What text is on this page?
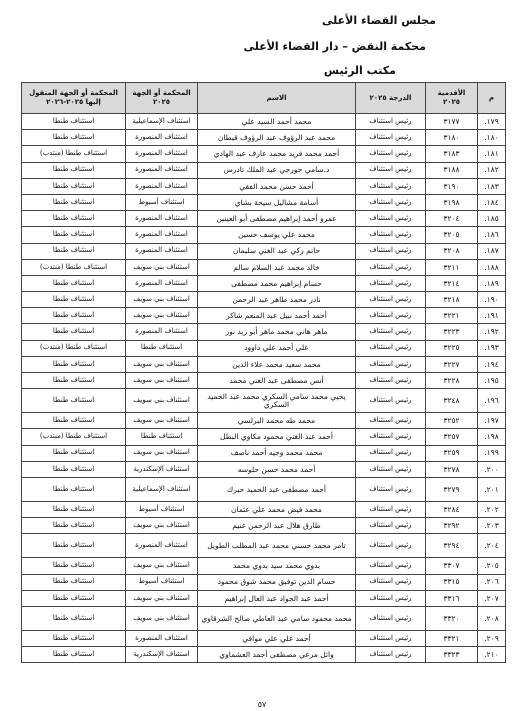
مجلس القضاء الأعلى
محكمة النقض – دار القضاء الأعلى
مكتب الرئيس
م	الأقدمية ٢٠٢٥	الدرجة ٢٠٢٥	الاسم	المحكمة أو الجهة ٢٠٢٥	المحكمة أو الجهة المنقول إليها ٢٠٢٥-٢٠٢٦
١٧٩.	٣١٧٧	رئيس استئناف	محمد أحمد السيد علي	استئناف الإسماعيلية	استئناف طنطا
١٨٠.	٣١٨٠	رئيس استئناف	محمد عبد الرؤوف عبد الرؤوف قيطان	استئناف المنصورة	استئناف طنطا
١٨١.	٣١٨٣	رئيس استئناف	أحمد محمد فريد محمد عارف عبد الهادي	استئناف المنصورة	استئناف طنطا (منتدب)
١٨٢.	٣١٨٨	رئيس استئناف	د.سامي جورجي عبد الملك تادرس	استئناف المنصورة	استئناف طنطا
١٨٣.	٣١٩٠	رئيس استئناف	أحمد حسن محمد الفقي	استئناف المنصورة	استئناف طنطا
١٨٤.	٣١٩٨	رئيس استئناف	أسامة مشاليل سيحة بشاي	استئناف أسيوط	استئناف طنطا
١٨٥.	٣٢٠٤	رئيس استئناف	عمرو أحمد إبراهيم مصطفى أبو العينين	استئناف المنصورة	استئناف طنطا
١٨٦.	٣٢٠٥	رئيس استئناف	محمد علي يوسف حسين	استئناف المنصورة	استئناف طنطا
١٨٧.	٣٢٠٨	رئيس استئناف	حاتم زكي عبد الغني سليمان	استئناف المنصورة	استئناف طنطا
١٨٨.	٣٢١١	رئيس استئناف	خالد محمد عبد السلام سالم	استئناف بني سويف	استئناف طنطا (منتدب)
١٨٩.	٣٢١٤	رئيس استئناف	حسام إبراهيم محمد مصطفى	استئناف المنصورة	استئناف طنطا
١٩٠.	٣٢١٨	رئيس استئناف	نادر محمد طاهر عبد الرحمن	استئناف بني سويف	استئناف طنطا
١٩١.	٣٢٢١	رئيس استئناف	أحمد أحمد نبيل عبد المنعم شاكر	استئناف بني سويف	استئناف طنطا
١٩٢.	٣٢٢٣	رئيس استئناف	ماهر هاني محمد ماهر أبو زيد نور	استئناف المنصورة	استئناف طنطا
١٩٣.	٣٢٢٥	رئيس استئناف	علي أحمد علي داوود	استئناف طنطا	استئناف طنطا (منتدب)
١٩٤.	٣٢٢٧	رئيس استئناف	محمد سعيد محمد علاء الدين	استئناف بني سويف	استئناف طنطا
١٩٥.	٣٢٢٨	رئيس استئناف	أنس مصطفى عبد الغني محمد	استئناف بني سويف	استئناف طنطا
١٩٦.	٣٢٤٨	رئيس استئناف	يحيي محمد سامي السكري محمد عبد الحميد السكري	استئناف بني سويف	استئناف طنطا
١٩٧.	٣٢٥٢	رئيس استئناف	محمد طه محمد البرلسي	استئناف بني سويف	استئناف طنطا
١٩٨.	٣٢٥٧	رئيس استئناف	أحمد عبد الغني محمود مكاوي البطل	استئناف طنطا	استئناف طنطا (منتدب)
١٩٩.	٣٢٥٩	رئيس استئناف	محمد محمد وجيه أحمد ناصف	استئناف بني سويف	استئناف طنطا
٢٠٠.	٣٢٧٨	رئيس استئناف	أحمد محمد حسن حلوسه	استئناف الإسكندرية	استئناف طنطا
٢٠١.	٣٢٧٩	رئيس استئناف	أحمد مصطفى عبد الحميد حبرك	استئناف الإسماعيلية	استئناف طنطا
٢٠٢.	٣٢٨٤	رئيس استئناف	محمد فيض محمد علي عثمان	استئناف أسيوط	استئناف طنطا
٢٠٣.	٣٢٩٢	رئيس استئناف	طارق هلال عبد الرحمن غنيم	استئناف بني سويف	استئناف طنطا
٢٠٤.	٣٢٩٤	رئيس استئناف	تامر محمد حسني محمد عبد المطلب الطويل	استئناف المنصورة	استئناف طنطا
٢٠٥.	٣٣٠٧	رئيس استئناف	بدوي محمد سيد بدوي محمد	استئناف بني سويف	استئناف طنطا
٢٠٦.	٣٣١٥	رئيس استئناف	حسام الدين توفيق محمد شوق محمود	استئناف أسيوط	استئناف طنطا
٢٠٧.	٣٣١٦	رئيس استئناف	أحمد عبد الجواد عبد العال إبراهيم	استئناف بني سويف	استئناف طنطا
٢٠٨.	٣٣٢٠	رئيس استئناف	محمد محمود سامي عبد العاطي صالح الشرقاوي	استئناف بني سويف	استئناف طنطا
٢٠٩.	٣٣٢١	رئيس استئناف	أحمد علي علي موافي	استئناف المنصورة	استئناف طنطا
٢١٠.	٣٣٢٣	رئيس استئناف	وائل مرعي مصطفى أحمد العشماوي	استئناف الإسكندرية	استئناف طنطا
٥٧
